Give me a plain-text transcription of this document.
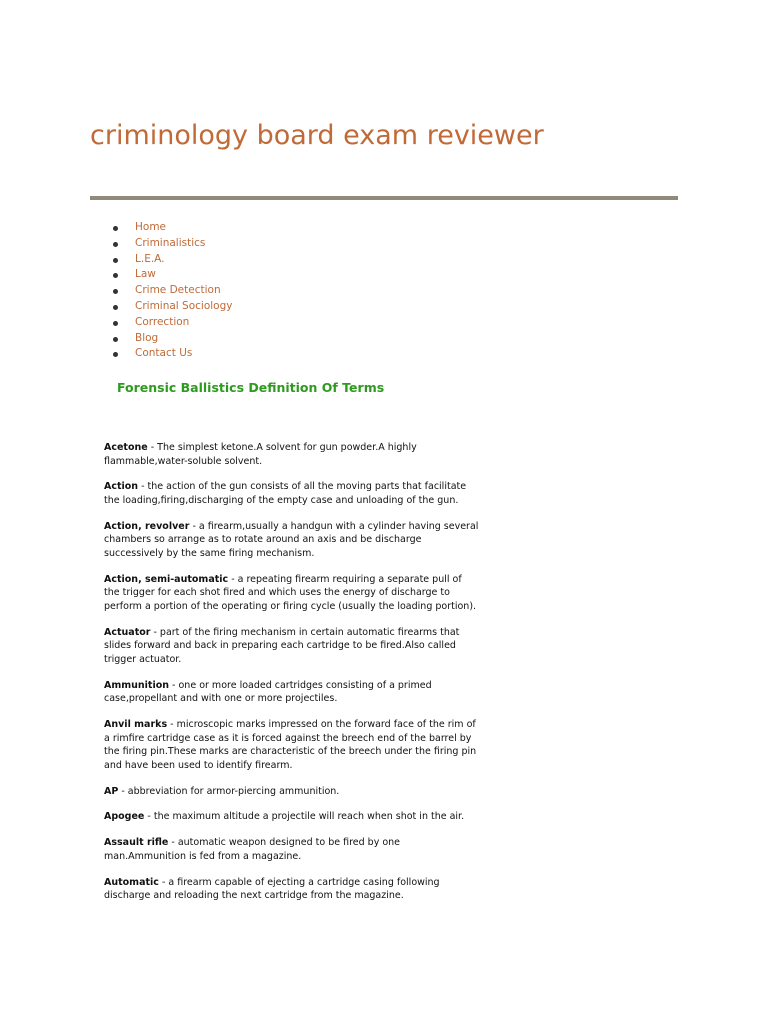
criminology board exam reviewer
Home
Criminalistics
L.E.A.
Law
Crime Detection
Criminal Sociology
Correction
Blog
Contact Us
Forensic Ballistics Definition Of Terms

Acetone - The simplest ketone.A solvent for gun powder.A highly flammable,water-soluble solvent.

Action - the action of the gun consists of all the moving parts that facilitate the loading,firing,discharging of the empty case and unloading of the gun.

Action, revolver - a firearm,usually a handgun with a cylinder having several chambers so arrange as to rotate around an axis and be discharge successively by the same firing mechanism.

Action, semi-automatic - a repeating firearm requiring a separate pull of the trigger for each shot fired and which uses the energy of discharge to perform a portion of the operating or firing cycle (usually the loading portion).

Actuator - part of the firing mechanism in certain automatic firearms that slides forward and back in preparing each cartridge to be fired.Also called trigger actuator.

Ammunition - one or more loaded cartridges consisting of a primed case,propellant and with one or more projectiles.

Anvil marks - microscopic marks impressed on the forward face of the rim of a rimfire cartridge case as it is forced against the breech end of the barrel by the firing pin.These marks are characteristic of the breech under the firing pin and have been used to identify firearm.

AP - abbreviation for armor-piercing ammunition.

Apogee - the maximum altitude a projectile will reach when shot in the air.

Assault rifle - automatic weapon designed to be fired by one man.Ammunition is fed from a magazine.

Automatic - a firearm capable of ejecting a cartridge casing following discharge and reloading the next cartridge from the magazine.
